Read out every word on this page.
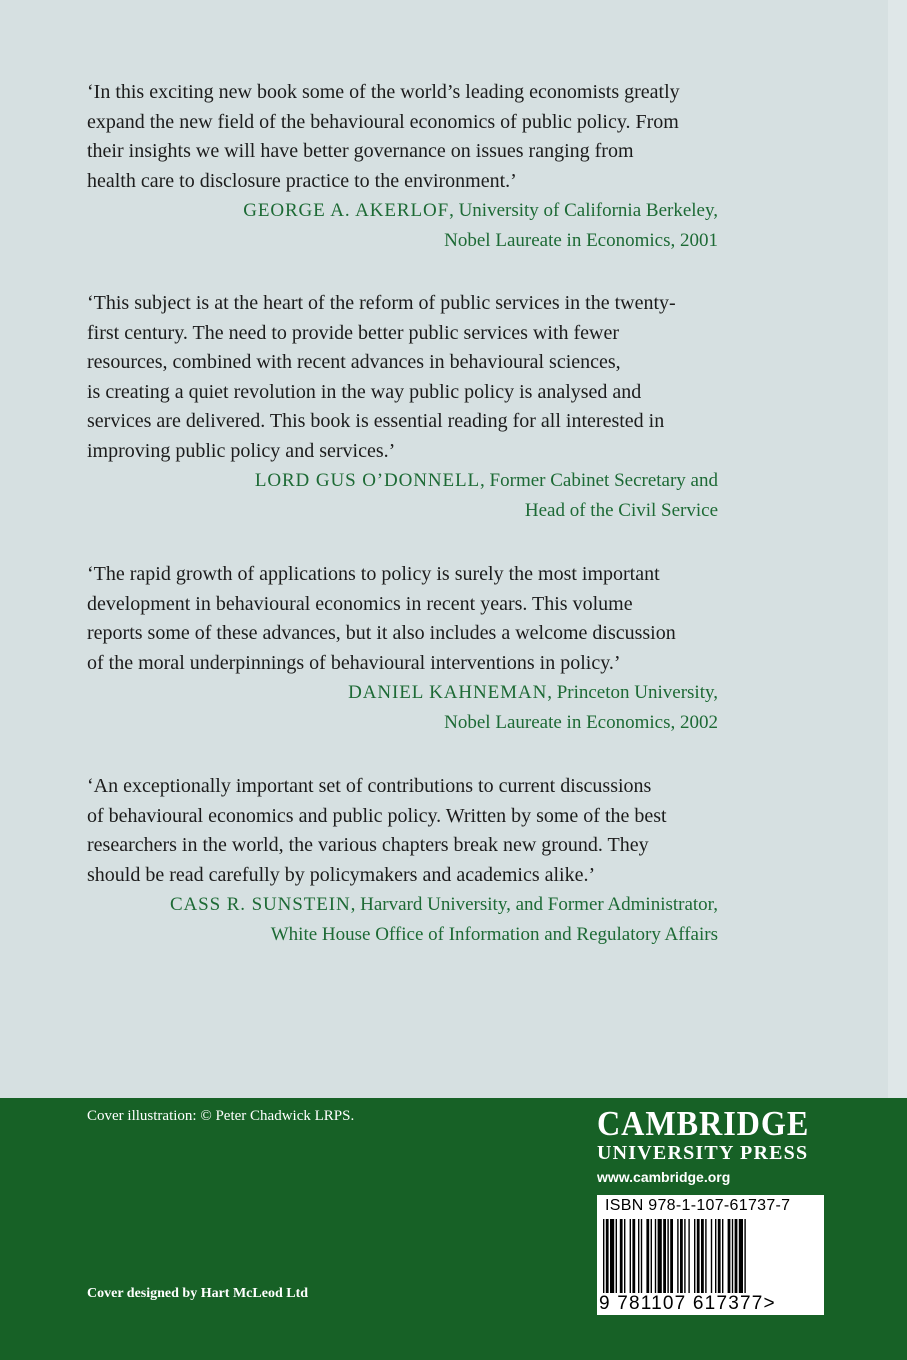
‘In this exciting new book some of the world’s leading economists greatly
expand the new field of the behavioural economics of public policy. From
their insights we will have better governance on issues ranging from
health care to disclosure practice to the environment.’

GEORGE A. AKERLOF, University of California Berkeley,
Nobel Laureate in Economics, 2001

‘This subject is at the heart of the reform of public services in the twenty-
first century. The need to provide better public services with fewer
resources, combined with recent advances in behavioural sciences,
is creating a quiet revolution in the way public policy is analysed and
services are delivered. This book is essential reading for all interested in
improving public policy and services.’

LORD GUS O’DONNELL, Former Cabinet Secretary and
Head of the Civil Service

‘The rapid growth of applications to policy is surely the most important
development in behavioural economics in recent years. This volume
reports some of these advances, but it also includes a welcome discussion
of the moral underpinnings of behavioural interventions in policy.’

DANIEL KAHNEMAN, Princeton University,
Nobel Laureate in Economics, 2002

‘An exceptionally important set of contributions to current discussions
of behavioural economics and public policy. Written by some of the best
researchers in the world, the various chapters break new ground. They
should be read carefully by policymakers and academics alike.’

CASS R. SUNSTEIN, Harvard University, and Former Administrator,
White House Office of Information and Regulatory Affairs
Cover illustration: © Peter Chadwick LRPS.
Cover designed by Hart McLeod Ltd
CAMBRIDGE
UNIVERSITY PRESS
www.cambridge.org
ISBN 978-1-107-61737-7
9 781107 617377>
